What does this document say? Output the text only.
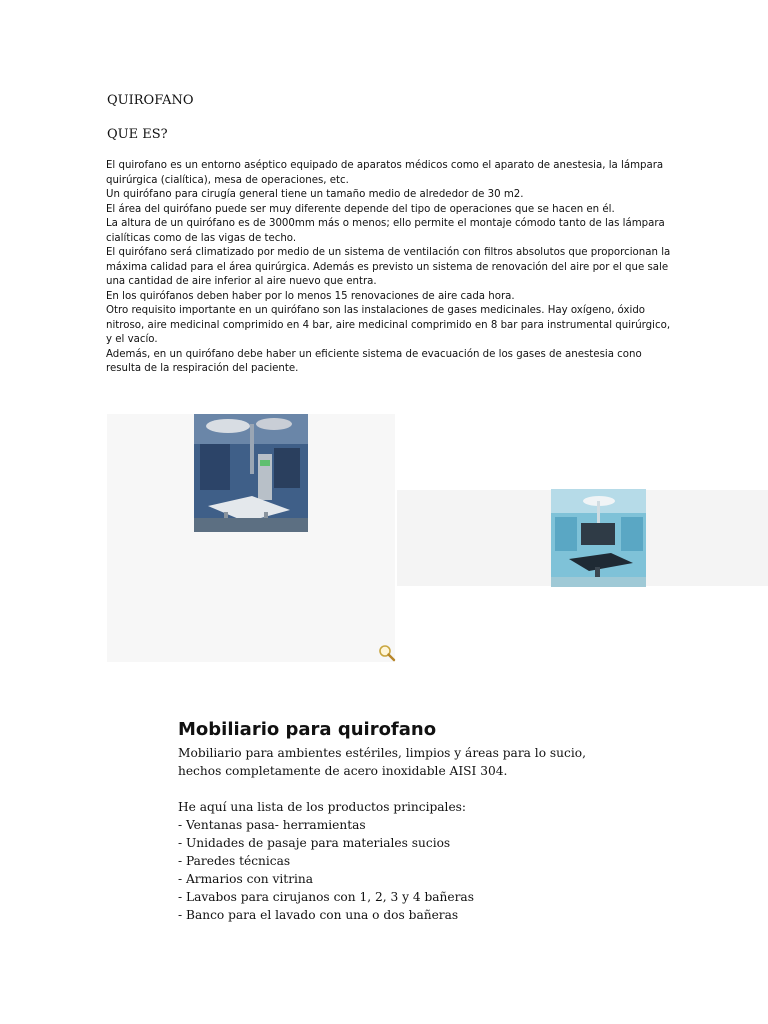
QUIROFANO
QUE ES?
El quirofano es un entorno aséptico equipado de aparatos médicos como el aparato de anestesia, la lámpara
quirúrgica (cialítica), mesa de operaciones, etc.
Un quirófano para cirugía general tiene un tamaño medio de alrededor de 30 m2.
El área del quirófano puede ser muy diferente depende del tipo de operaciones que se hacen en él.
La altura de un quirófano es de 3000mm más o menos; ello permite el montaje cómodo tanto de las lámpara
cialíticas como de las vigas de techo.
El quirófano será climatizado por medio de un sistema de ventilación con filtros absolutos que proporcionan la
máxima calidad para el área quirúrgica. Además es previsto un sistema de renovación del aire por el que sale
una cantidad de aire inferior al aire nuevo que entra.
En los quirófanos deben haber por lo menos 15 renovaciones de aire cada hora.
Otro requisito importante en un quirófano son las instalaciones de gases medicinales. Hay oxígeno, óxido
nitroso, aire medicinal comprimido en 4 bar, aire medicinal comprimido en 8 bar para instrumental quirúrgico,
y el vacío.
Además, en un quirófano debe haber un eficiente sistema de evacuación de los gases de anestesia cono
resulta de la respiración del paciente.
Mobiliario para quirofano
Mobiliario para ambientes estériles, limpios y áreas para lo sucio,
hechos completamente de acero inoxidable AISI 304.
He aquí una lista de los productos principales:
- Ventanas pasa- herramientas
- Unidades de pasaje para materiales sucios
- Paredes técnicas
- Armarios con vitrina
- Lavabos para cirujanos con 1, 2, 3 y 4 bañeras
- Banco para el lavado con una o dos bañeras
